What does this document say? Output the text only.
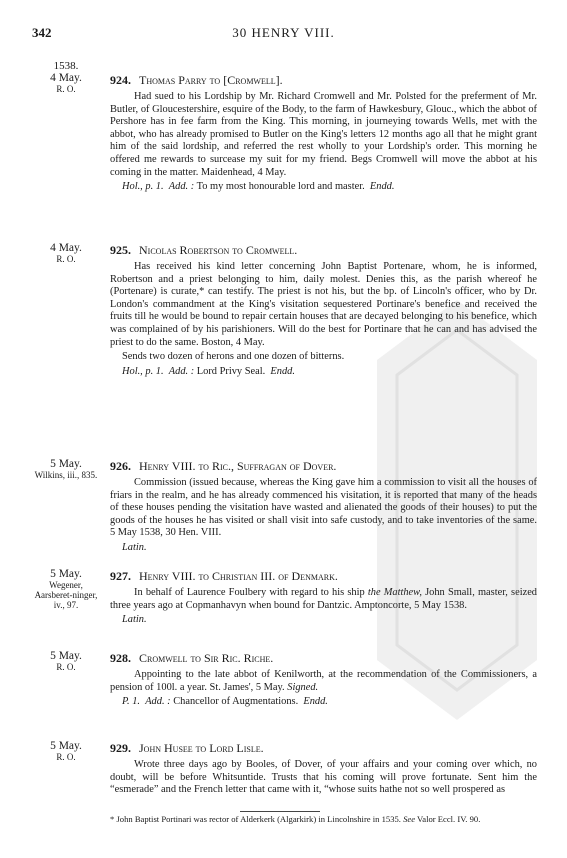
342	30 HENRY VIII.
1538.
4 May.
R. O.
924. Thomas Parry to [Cromwell].

Had sued to his Lordship by Mr. Richard Cromwell and Mr. Polsted for the preferment of Mr. Butler, of Gloucestershire, esquire of the Body, to the farm of Hawkesbury, Glouc., which the abbot of Pershore has in fee farm from the King. This morning, in journeying towards Wells, met with the abbot, who has already promised to Butler on the King's letters 12 months ago all that he might grant him of the said lordship, and referred the rest wholly to your Lordship's order. This morning he offered me rewards to surcease my suit for my friend. Begs Cromwell will move the abbot at his coming in the matter. Maidenhead, 4 May.

Hol., p. 1. Add. : To my most honourable lord and master. Endd.
4 May.
R. O.
925. Nicolas Robertson to Cromwell.

Has received his kind letter concerning John Baptist Portenare, whom, he is informed, Robertson and a priest belonging to him, daily molest. Denies this, as the parish whereof he (Portenare) is curate,* can testify. The priest is not his, but the bp. of Lincoln's officer, who by Dr. London's commandment at the King's visitation sequestered Portinare's benefice and received the fruits till he would be bound to repair certain houses that are decayed belonging to his benefice, which was complained of by his parishioners. Will do the best for Portinare that he can and has advised the priest to do the same. Boston, 4 May.

Sends two dozen of herons and one dozen of bitterns.
Hol., p. 1. Add. : Lord Privy Seal. Endd.
5 May.
Wilkins, iii., 835.
926. Henry VIII. to Ric., Suffragan of Dover.

Commission (issued because, whereas the King gave him a commission to visit all the houses of friars in the realm, and he has already commenced his visitation, it is reported that many of the heads of these houses pending the visitation have wasted and alienated the goods of their houses) to put the goods of the houses he has visited or shall visit into safe custody, and to take inventories of the same. 5 May 1538, 30 Hen. VIII.

Latin.
5 May.
Wegener, Aarsberet-ninger, iv., 97.
927. Henry VIII. to Christian III. of Denmark.

In behalf of Laurence Foulbery with regard to his ship the Matthew, John Small, master, seized three years ago at Copmanhavyn when bound for Dantzic. Amptoncorte, 5 May 1538.

Latin.
5 May.
R. O.
928. Cromwell to Sir Ric. Riche.

Appointing to the late abbot of Kenilworth, at the recommendation of the Commissioners, a pension of 100l. a year. St. James', 5 May. Signed.

P. 1. Add. : Chancellor of Augmentations. Endd.
5 May.
R. O.
929. John Husee to Lord Lisle.

Wrote three days ago by Booles, of Dover, of your affairs and your coming over which, no doubt, will be before Whitsuntide. Trusts that his coming will prove fortunate. Sent him the “esmerade” and the French letter that came with it, “whose suits hathe not so well prospered as

* John Baptist Portinari was rector of Alderkerk (Algarkirk) in Lincolnshire in 1535. See Valor Eccl. IV. 90.
